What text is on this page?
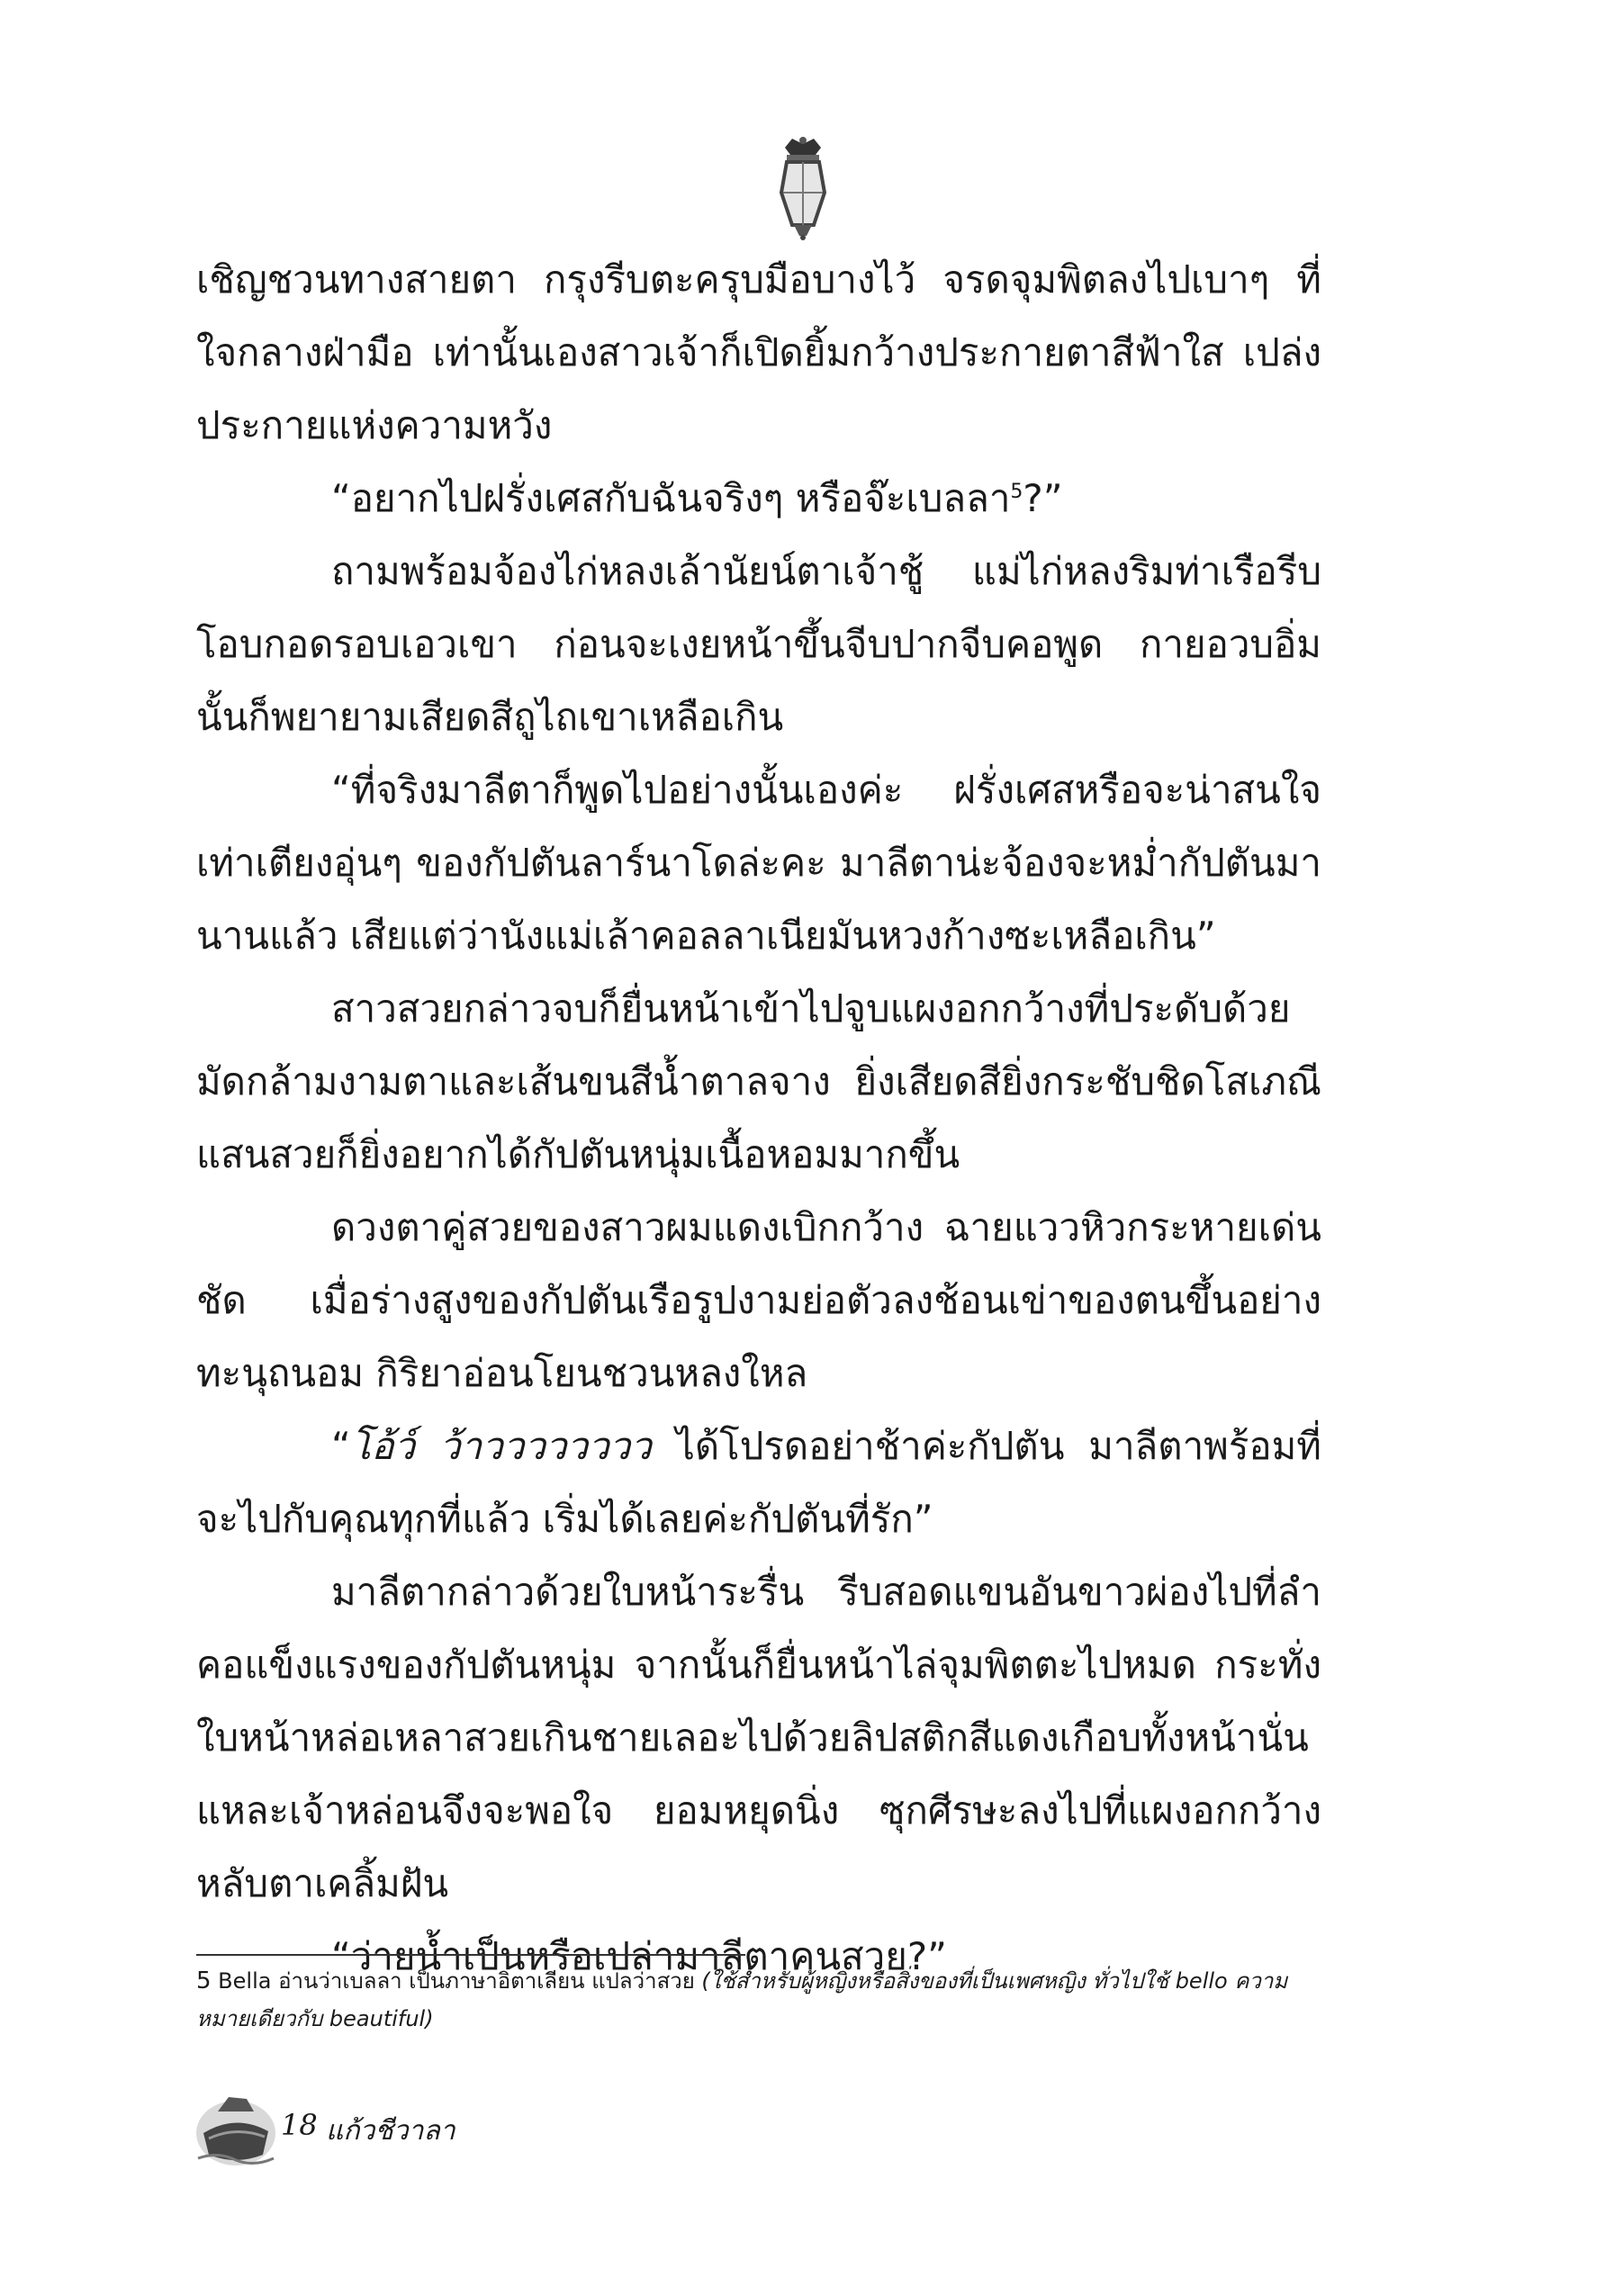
เชิญชวนทางสายตา กรุงรีบตะครุบมือบางไว้ จรดจุมพิตลงไปเบาๆ ที่ใจกลางฝ่ามือ เท่านั้นเองสาวเจ้าก็เปิดยิ้มกว้างประกายตาสีฟ้าใส เปล่งประกายแห่งความหวัง

“อยากไปฝรั่งเศสกับฉันจริงๆ หรือจ๊ะเบลลา$^5$?”

ถามพร้อมจ้องไก่หลงเล้านัยน์ตาเจ้าชู้ แม่ไก่หลงริมท่าเรือรีบโอบกอดรอบเอวเขา ก่อนจะเงยหน้าขึ้นจีบปากจีบคอพูด กายอวบอิ่มนั้นก็พยายามเสียดสีถูไถเขาเหลือเกิน

“ที่จริงมาลีตาก็พูดไปอย่างนั้นเองค่ะ ฝรั่งเศสหรือจะน่าสนใจเท่าเตียงอุ่นๆ ของกัปตันลาร์นาโดล่ะคะ มาลีตาน่ะจ้องจะหม่ำกัปตันมานานแล้ว เสียแต่ว่านังแม่เล้าคอลลาเนียมันหวงก้างซะเหลือเกิน”

สาวสวยกล่าวจบก็ยื่นหน้าเข้าไปจูบแผงอกกว้างที่ประดับด้วยมัดกล้ามงามตาและเส้นขนสีน้ำตาลจาง ยิ่งเสียดสียิ่งกระชับชิดโสเภณีแสนสวยก็ยิ่งอยากได้กัปตันหนุ่มเนื้อหอมมากขึ้น

ดวงตาคู่สวยของสาวผมแดงเบิกกว้าง ฉายแววหิวกระหายเด่นชัด เมื่อร่างสูงของกัปตันเรือรูปงามย่อตัวลงช้อนเข่าของตนขึ้นอย่างทะนุถนอม กิริยาอ่อนโยนชวนหลงใหล

“โอ้ว์ ว้าวววววววว ได้โปรดอย่าช้าค่ะกัปตัน มาลีตาพร้อมที่จะไปกับคุณทุกที่แล้ว เริ่มได้เลยค่ะกัปตันที่รัก”

มาลีตากล่าวด้วยใบหน้าระรื่น รีบสอดแขนอันขาวผ่องไปที่ลำคอแข็งแรงของกัปตันหนุ่ม จากนั้นก็ยื่นหน้าไล่จุมพิตตะไปหมด กระทั่งใบหน้าหล่อเหลาสวยเกินชายเลอะไปด้วยลิปสติกสีแดงเกือบทั้งหน้านั่นแหละเจ้าหล่อนจึงจะพอใจ ยอมหยุดนิ่ง ซุกศีรษะลงไปที่แผงอกกว้างหลับตาเคลิ้มฝัน

“ว่ายน้ำเป็นหรือเปล่ามาลีตาคนสวย?”

5 Bella อ่านว่าเบลลา เป็นภาษาอิตาเลียน แปลว่าสวย (ใช้สำหรับผู้หญิงหรือสิ่งของที่เป็นเพศหญิง ทั่วไปใช้ bello ความหมายเดียวกับ beautiful)
18 แก้วชีวาลา
